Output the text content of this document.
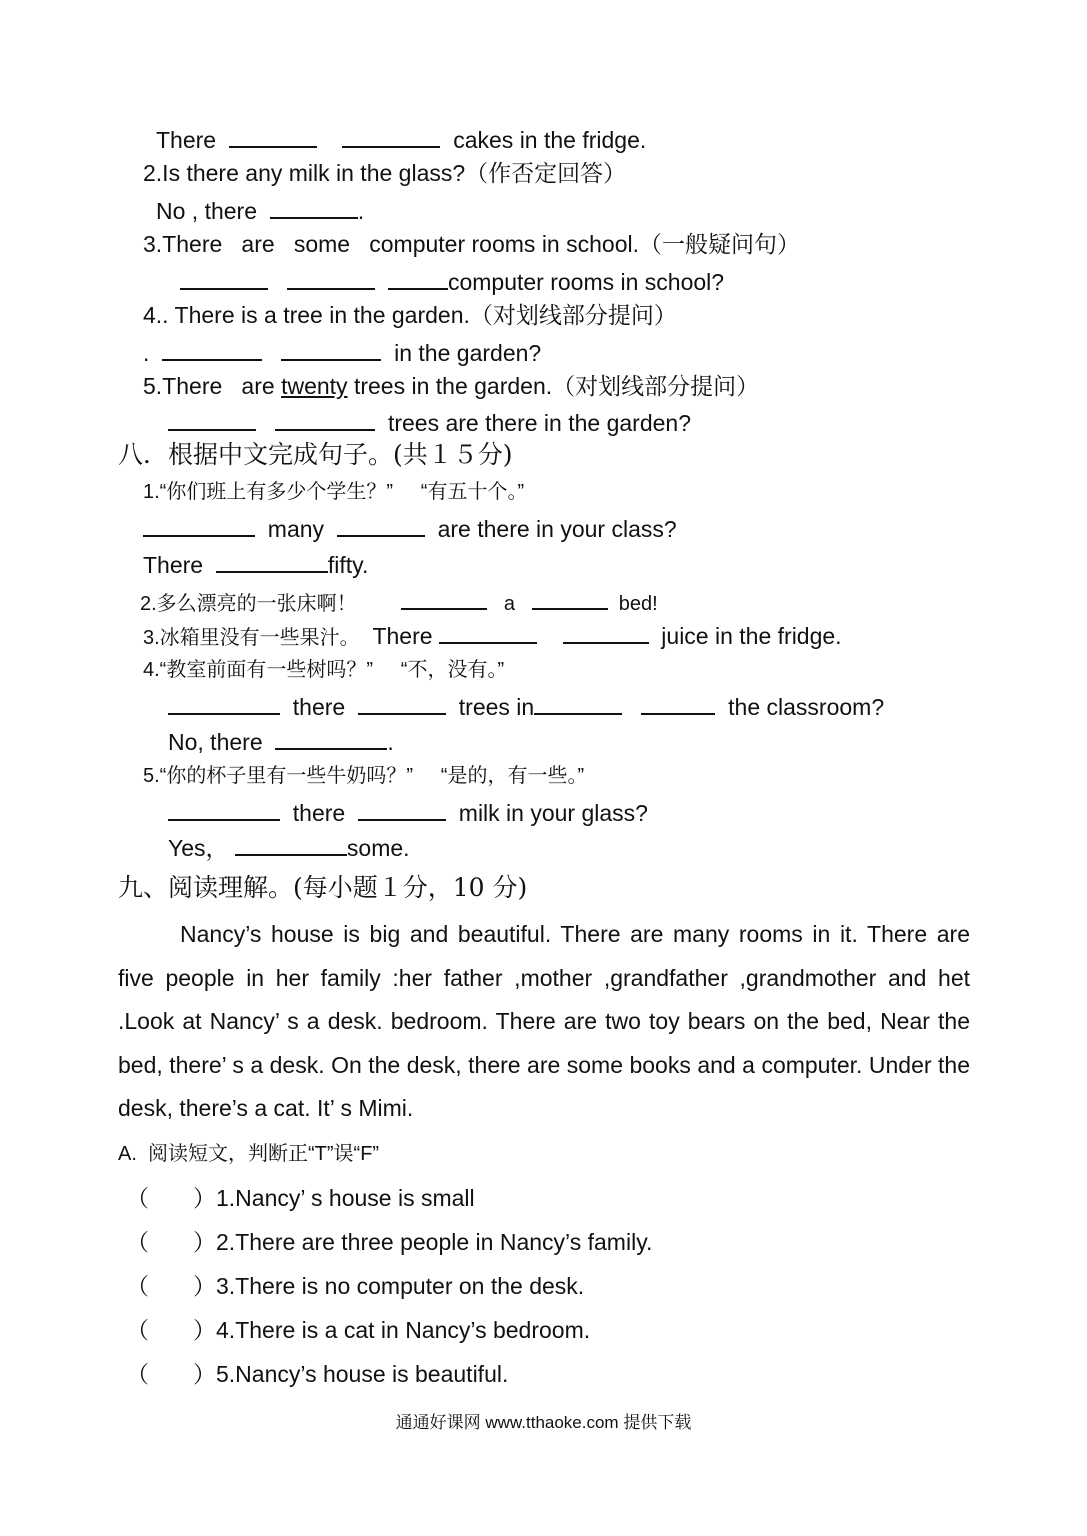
There	cakes in the fridge.
2.Is there any milk in the glass?（作否定回答）
No , there	.
3.There   are   some   computer rooms in school.（一般疑问句）
computer rooms in school?
4.. There is a tree in the garden.（对划线部分提问）
.	in the garden?
5.There   are twenty trees in the garden.（对划线部分提问）
trees are there in the garden?
八．根据中文完成句子。(共１５分)
1.“你们班上有多少个学生？”     “有五十个。”
many	are there in your class?
There	fifty.
2.多么漂亮的一张床啊！	a	bed!
3.冰箱里没有一些果汁。 There	juice in the fridge.
4.“教室前面有一些树吗？”     “不，没有。”
there	trees in	the classroom?
No, there	.
5.“你的杯子里有一些牛奶吗？”     “是的，有一些。”
there	milk in your glass?
Yes，	some.
九、阅读理解。(每小题１分，10 分)
Nancy’s house is big and beautiful. There are many rooms in it. There are five people in her family :her father ,mother ,grandfather ,grandmother and het .Look at Nancy’ s a desk. bedroom. There are two toy bears on the bed, Near the bed, there’ s a desk. On the desk, there are some books and a computer. Under the desk, there’s a cat. It’ s Mimi.
A.  阅读短文，判断正“T”误“F”
（ ）1.Nancy’ s house is small
（ ）2.There are three people in Nancy’s family.
（ ）3.There is no computer on the desk.
（ ）4.There is a cat in Nancy’s bedroom.
（ ）5.Nancy’s house is beautiful.
通通好课网 www.tthaoke.com 提供下载
